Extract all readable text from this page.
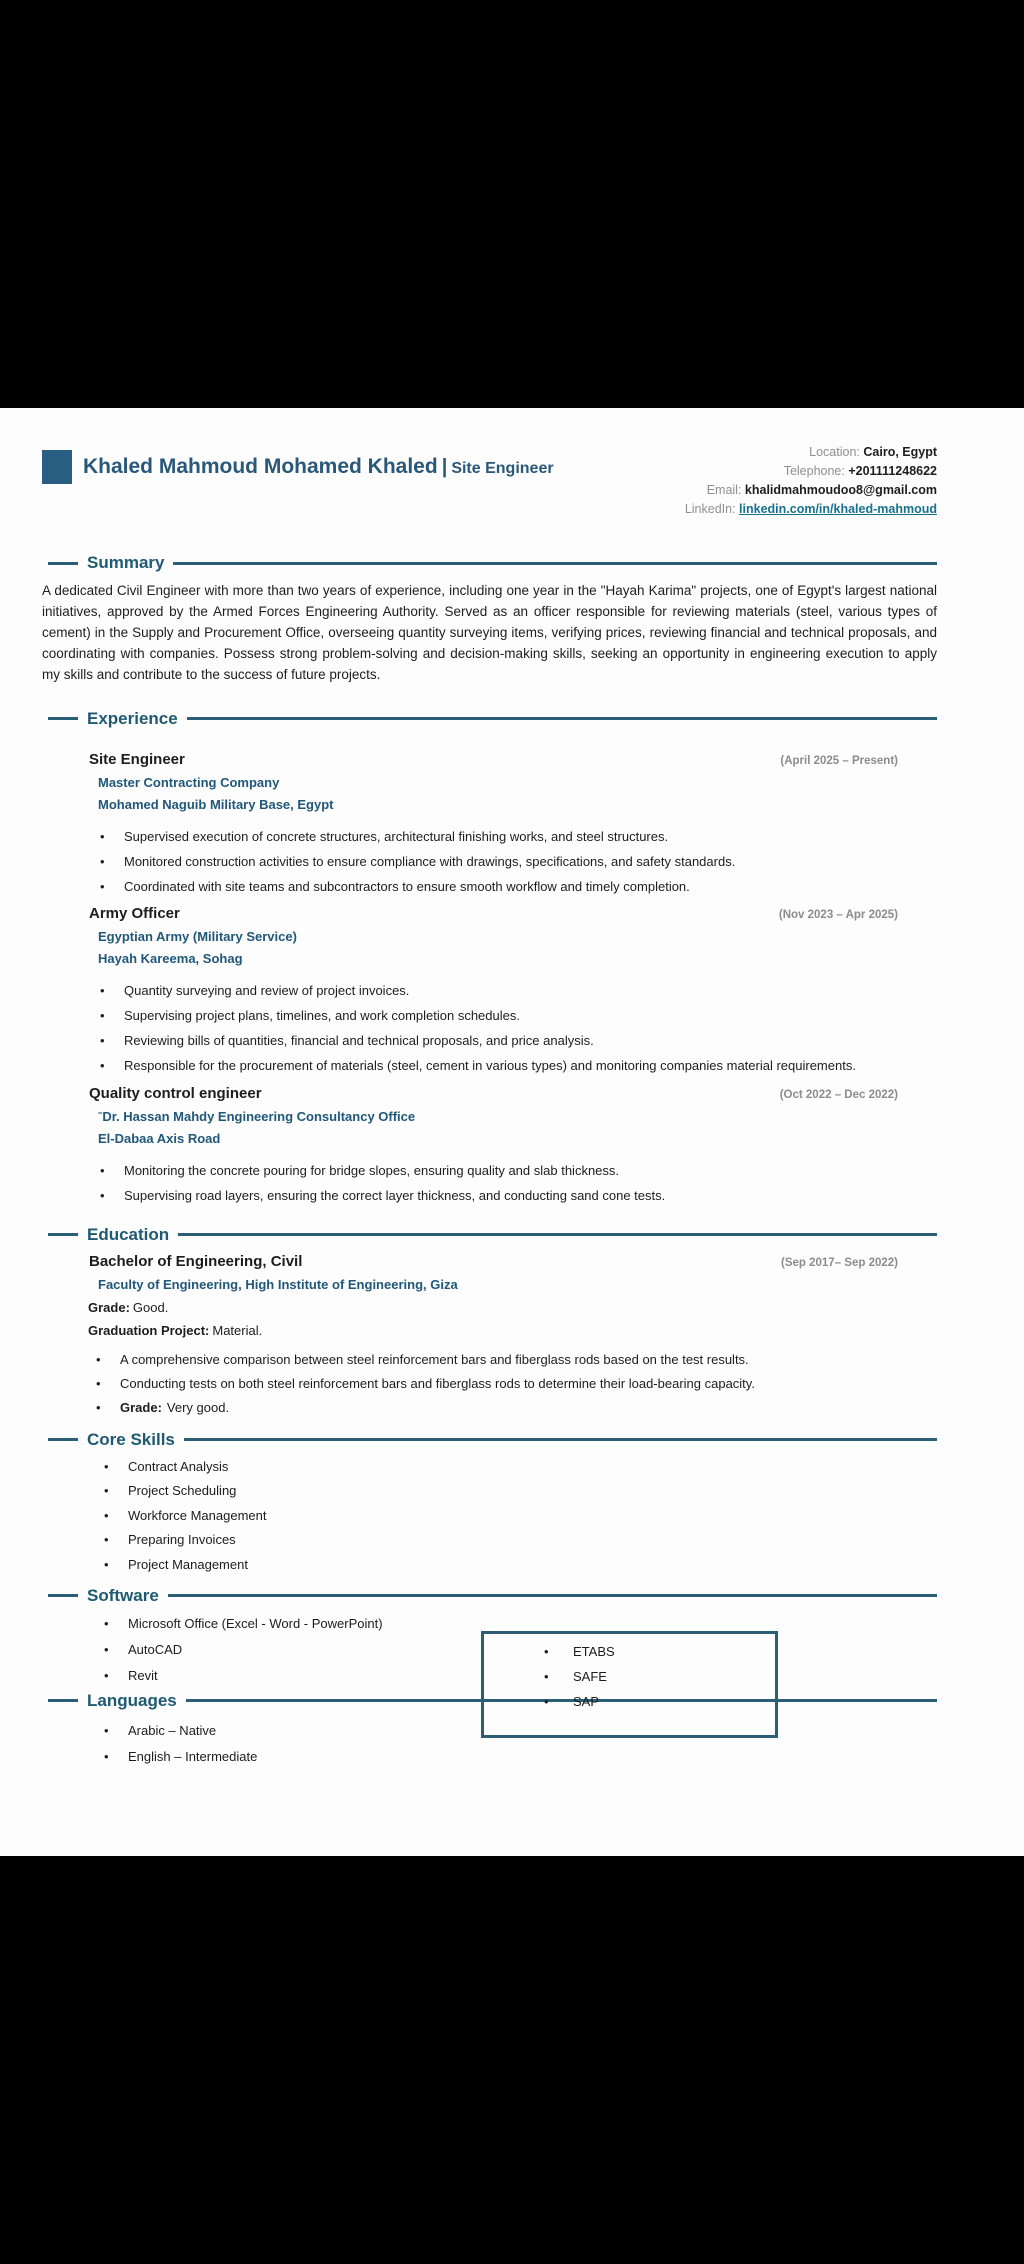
Khaled Mahmoud Mohamed Khaled | Site Engineer
Location: Cairo, Egypt
Telephone: +201111248622
Email: khalidmahmoudoo8@gmail.com
LinkedIn: linkedin.com/in/khaled-mahmoud
Summary
A dedicated Civil Engineer with more than two years of experience, including one year in the "Hayah Karima" projects, one of Egypt's largest national initiatives, approved by the Armed Forces Engineering Authority. Served as an officer responsible for reviewing materials (steel, various types of cement) in the Supply and Procurement Office, overseeing quantity surveying items, verifying prices, reviewing financial and technical proposals, and coordinating with companies. Possess strong problem-solving and decision-making skills, seeking an opportunity in engineering execution to apply my skills and contribute to the success of future projects.
Experience
Site Engineer	(April 2025 – Present)
Master Contracting Company
Mohamed Naguib Military Base, Egypt
• Supervised execution of concrete structures, architectural finishing works, and steel structures.
• Monitored construction activities to ensure compliance with drawings, specifications, and safety standards.
• Coordinated with site teams and subcontractors to ensure smooth workflow and timely completion.
Army Officer	(Nov 2023 – Apr 2025)
Egyptian Army (Military Service)
Hayah Kareema, Sohag
• Quantity surveying and review of project invoices.
• Supervising project plans, timelines, and work completion schedules.
• Reviewing bills of quantities, financial and technical proposals, and price analysis.
• Responsible for the procurement of materials (steel, cement in various types) and monitoring companies material requirements.
Quality control engineer	(Oct 2022 – Dec 2022)
ˉDr. Hassan Mahdy Engineering Consultancy Office
El-Dabaa Axis Road
• Monitoring the concrete pouring for bridge slopes, ensuring quality and slab thickness.
• Supervising road layers, ensuring the correct layer thickness, and conducting sand cone tests.
Education
Bachelor of Engineering, Civil	(Sep 2017– Sep 2022)
Faculty of Engineering, High Institute of Engineering, Giza
Grade: Good.
Graduation Project: Material.
• A comprehensive comparison between steel reinforcement bars and fiberglass rods based on the test results.
• Conducting tests on both steel reinforcement bars and fiberglass rods to determine their load-bearing capacity.
• Grade: Very good.
Core Skills
• Contract Analysis
• Project Scheduling
• Workforce Management
• Preparing Invoices
• Project Management
Software
• Microsoft Office (Excel - Word - PowerPoint)
• AutoCAD
• Revit
• ETABS
• SAFE
• SAP
Languages
• Arabic – Native
• English – Intermediate
